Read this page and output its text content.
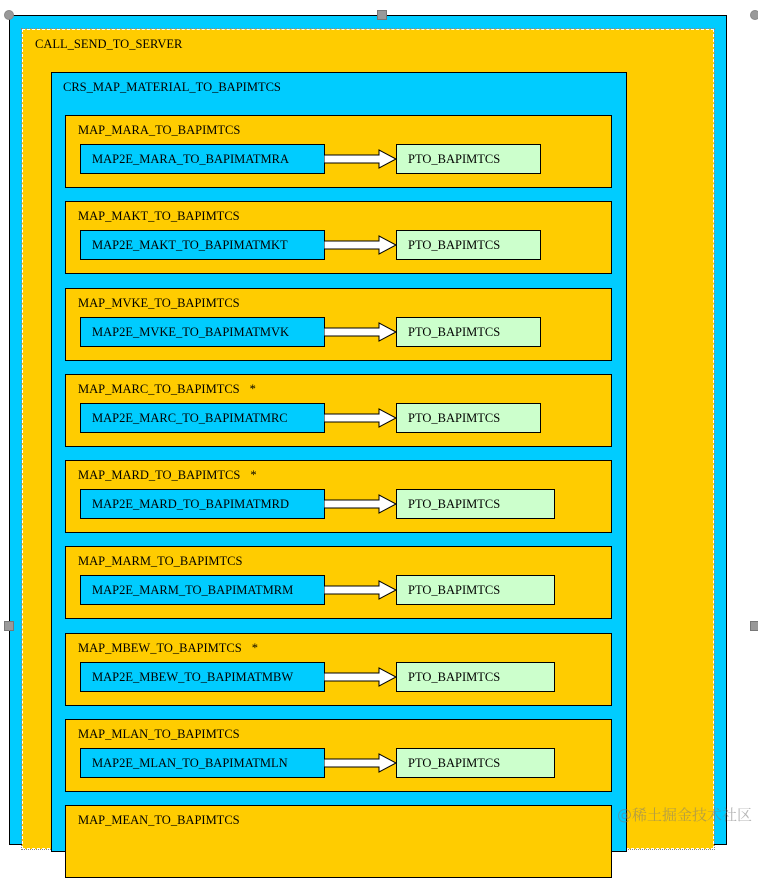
CALL_SEND_TO_SERVER
CRS_MAP_MATERIAL_TO_BAPIMTCS
MAP_MARA_TO_BAPIMTCS
MAP2E_MARA_TO_BAPIMATMRA	PTO_BAPIMTCS
MAP_MAKT_TO_BAPIMTCS
MAP2E_MAKT_TO_BAPIMATMKT	PTO_BAPIMTCS
MAP_MVKE_TO_BAPIMTCS
MAP2E_MVKE_TO_BAPIMATMVK	PTO_BAPIMTCS
MAP_MARC_TO_BAPIMTCS *
MAP2E_MARC_TO_BAPIMATMRC	PTO_BAPIMTCS
MAP_MARD_TO_BAPIMTCS *
MAP2E_MARD_TO_BAPIMATMRD	PTO_BAPIMTCS
MAP_MARM_TO_BAPIMTCS
MAP2E_MARM_TO_BAPIMATMRM	PTO_BAPIMTCS
MAP_MBEW_TO_BAPIMTCS *
MAP2E_MBEW_TO_BAPIMATMBW	PTO_BAPIMTCS
MAP_MLAN_TO_BAPIMTCS
MAP2E_MLAN_TO_BAPIMATMLN	PTO_BAPIMTCS
MAP_MEAN_TO_BAPIMTCS	@稀土掘金技术社区
